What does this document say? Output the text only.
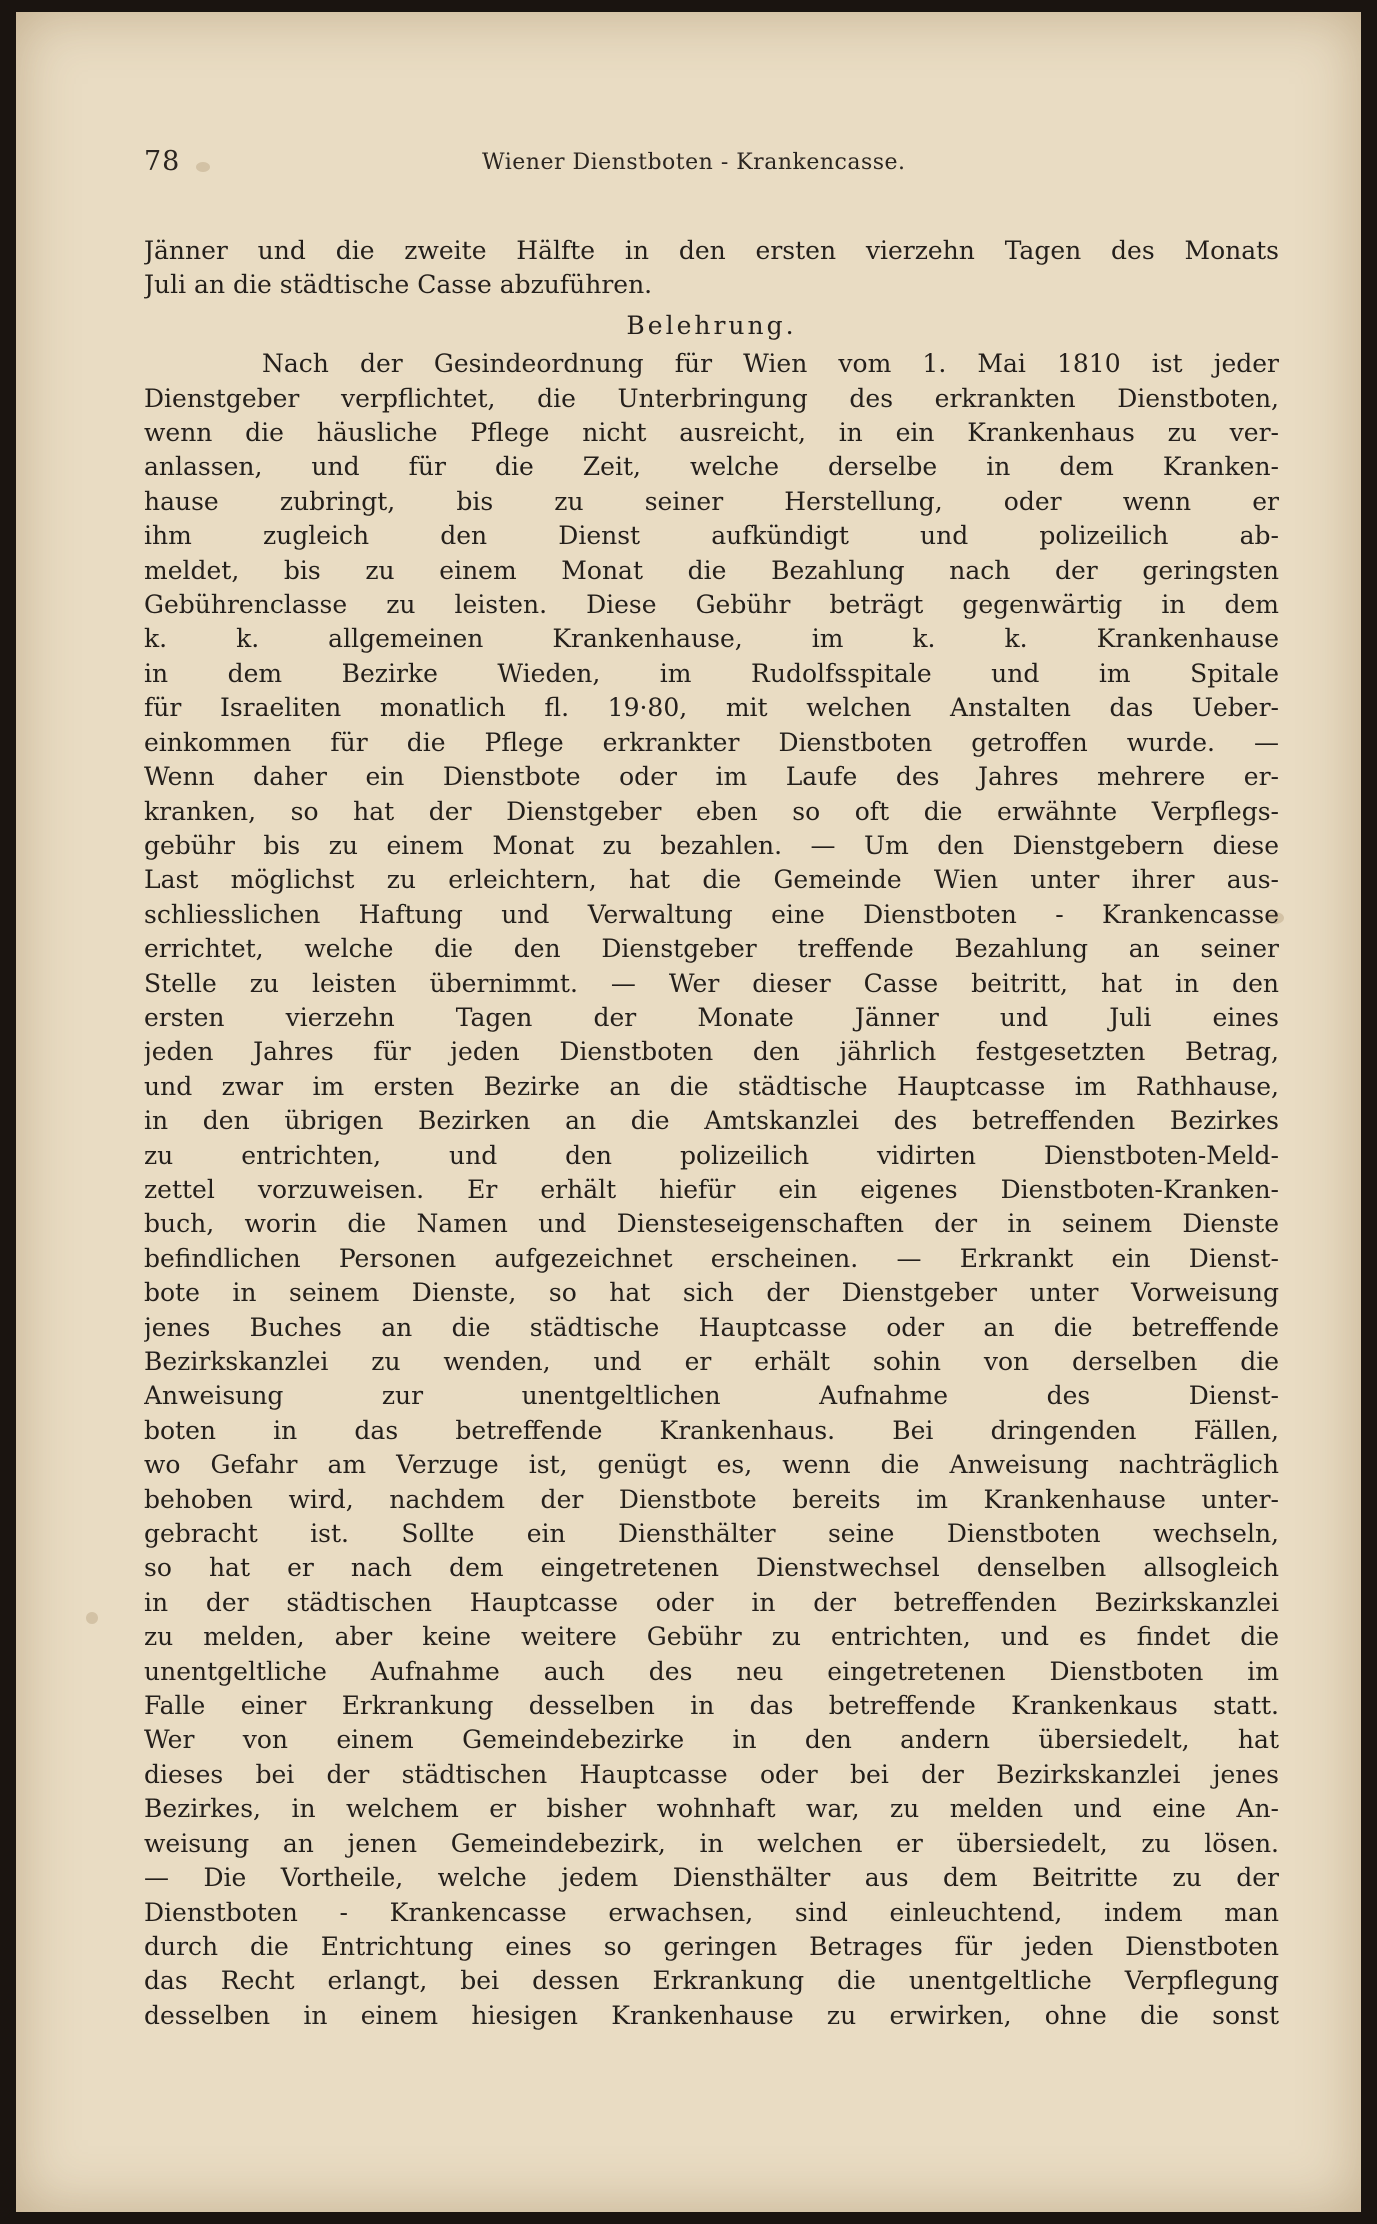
78	Wiener Dienstboten - Krankencasse.
Jänner und die zweite Hälfte in den ersten vierzehn Tagen des Monats
Juli an die städtische Casse abzuführen.
Belehrung.
Nach der Gesindeordnung für Wien vom 1. Mai 1810 ist jeder
Dienstgeber verpflichtet, die Unterbringung des erkrankten Dienstboten,
wenn die häusliche Pflege nicht ausreicht, in ein Krankenhaus zu ver-
anlassen, und für die Zeit, welche derselbe in dem Kranken-
hause zubringt, bis zu seiner Herstellung, oder wenn er
ihm zugleich den Dienst aufkündigt und polizeilich ab-
meldet, bis zu einem Monat die Bezahlung nach der geringsten
Gebührenclasse zu leisten. Diese Gebühr beträgt gegenwärtig in dem
k. k. allgemeinen Krankenhause, im k. k. Krankenhause
in dem Bezirke Wieden, im Rudolfsspitale und im Spitale
für Israeliten monatlich fl. 19·80, mit welchen Anstalten das Ueber-
einkommen für die Pflege erkrankter Dienstboten getroffen wurde. —
Wenn daher ein Dienstbote oder im Laufe des Jahres mehrere er-
kranken, so hat der Dienstgeber eben so oft die erwähnte Verpflegs-
gebühr bis zu einem Monat zu bezahlen. — Um den Dienstgebern diese
Last möglichst zu erleichtern, hat die Gemeinde Wien unter ihrer aus-
schliesslichen Haftung und Verwaltung eine Dienstboten - Krankencasse
errichtet, welche die den Dienstgeber treffende Bezahlung an seiner
Stelle zu leisten übernimmt. — Wer dieser Casse beitritt, hat in den
ersten vierzehn Tagen der Monate Jänner und Juli eines
jeden Jahres für jeden Dienstboten den jährlich festgesetzten Betrag,
und zwar im ersten Bezirke an die städtische Hauptcasse im Rathhause,
in den übrigen Bezirken an die Amtskanzlei des betreffenden Bezirkes
zu entrichten, und den polizeilich vidirten Dienstboten-Meld-
zettel vorzuweisen. Er erhält hiefür ein eigenes Dienstboten-Kranken-
buch, worin die Namen und Diensteseigenschaften der in seinem Dienste
befindlichen Personen aufgezeichnet erscheinen. — Erkrankt ein Dienst-
bote in seinem Dienste, so hat sich der Dienstgeber unter Vorweisung
jenes Buches an die städtische Hauptcasse oder an die betreffende
Bezirkskanzlei zu wenden, und er erhält sohin von derselben die
Anweisung zur unentgeltlichen Aufnahme des Dienst-
boten in das betreffende Krankenhaus. Bei dringenden Fällen,
wo Gefahr am Verzuge ist, genügt es, wenn die Anweisung nachträglich
behoben wird, nachdem der Dienstbote bereits im Krankenhause unter-
gebracht ist. Sollte ein Diensthälter seine Dienstboten wechseln,
so hat er nach dem eingetretenen Dienstwechsel denselben allsogleich
in der städtischen Hauptcasse oder in der betreffenden Bezirkskanzlei
zu melden, aber keine weitere Gebühr zu entrichten, und es findet die
unentgeltliche Aufnahme auch des neu eingetretenen Dienstboten im
Falle einer Erkrankung desselben in das betreffende Krankenkaus statt.
Wer von einem Gemeindebezirke in den andern übersiedelt, hat
dieses bei der städtischen Hauptcasse oder bei der Bezirkskanzlei jenes
Bezirkes, in welchem er bisher wohnhaft war, zu melden und eine An-
weisung an jenen Gemeindebezirk, in welchen er übersiedelt, zu lösen.
— Die Vortheile, welche jedem Diensthälter aus dem Beitritte zu der
Dienstboten - Krankencasse erwachsen, sind einleuchtend, indem man
durch die Entrichtung eines so geringen Betrages für jeden Dienstboten
das Recht erlangt, bei dessen Erkrankung die unentgeltliche Verpflegung
desselben in einem hiesigen Krankenhause zu erwirken, ohne die sonst
